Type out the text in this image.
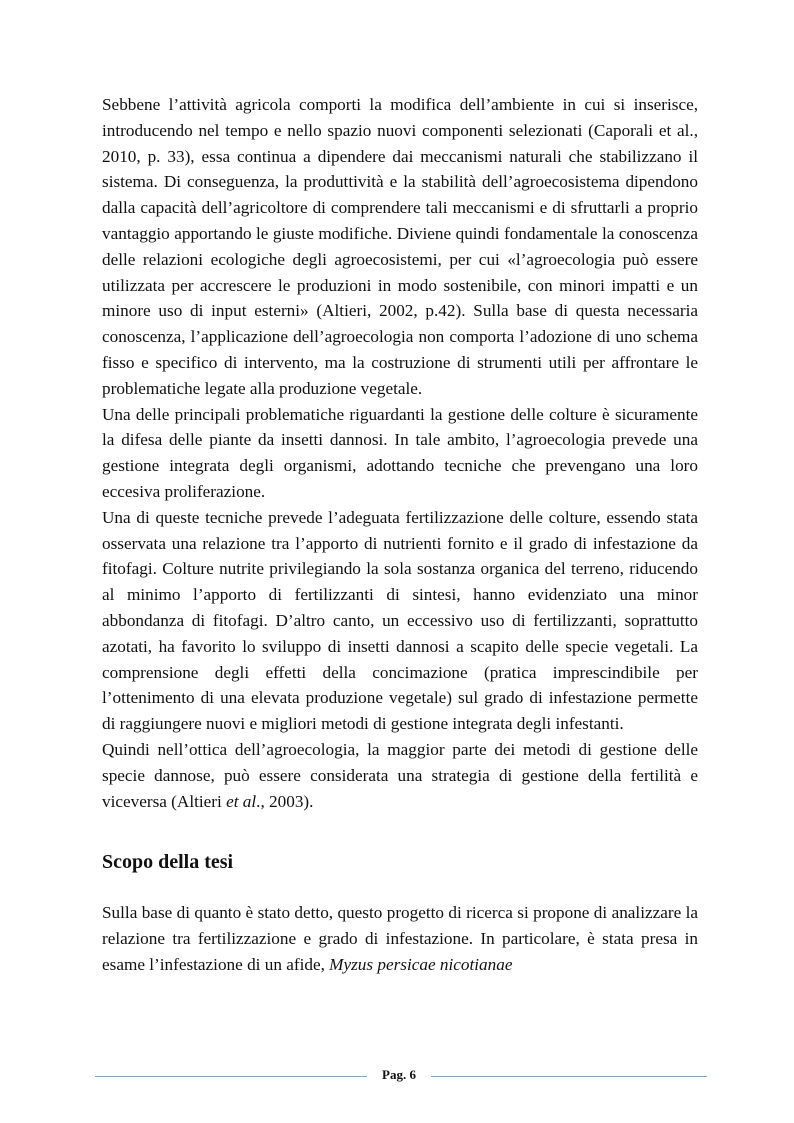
Sebbene l’attività agricola comporti la modifica dell’ambiente in cui si inserisce, introducendo nel tempo e nello spazio nuovi componenti selezionati (Caporali et al., 2010, p. 33), essa continua a dipendere dai meccanismi naturali che stabilizzano il sistema. Di conseguenza, la produttività e la stabilità dell’agroecosistema dipendono dalla capacità dell’agricoltore di comprendere tali meccanismi e di sfruttarli a proprio vantaggio apportando le giuste modifiche. Diviene quindi fondamentale la conoscenza delle relazioni ecologiche degli agroecosistemi, per cui «l’agroecologia può essere utilizzata per accrescere le produzioni in modo sostenibile, con minori impatti e un minore uso di input esterni» (Altieri, 2002, p.42). Sulla base di questa necessaria conoscenza, l’applicazione dell’agroecologia non comporta l’adozione di uno schema fisso e specifico di intervento, ma la costruzione di strumenti utili per affrontare le problematiche legate alla produzione vegetale.

Una delle principali problematiche riguardanti la gestione delle colture è sicuramente la difesa delle piante da insetti dannosi. In tale ambito, l’agroecologia prevede una gestione integrata degli organismi, adottando tecniche che prevengano una loro eccesiva proliferazione.

Una di queste tecniche prevede l’adeguata fertilizzazione delle colture, essendo stata osservata una relazione tra l’apporto di nutrienti fornito e il grado di infestazione da fitofagi. Colture nutrite privilegiando la sola sostanza organica del terreno, riducendo al minimo l’apporto di fertilizzanti di sintesi, hanno evidenziato una minor abbondanza di fitofagi. D’altro canto, un eccessivo uso di fertilizzanti, soprattutto azotati, ha favorito lo sviluppo di insetti dannosi a scapito delle specie vegetali. La comprensione degli effetti della concimazione (pratica imprescindibile per l’ottenimento di una elevata produzione vegetale) sul grado di infestazione permette di raggiungere nuovi e migliori metodi di gestione integrata degli infestanti.

Quindi nell’ottica dell’agroecologia, la maggior parte dei metodi di gestione delle specie dannose, può essere considerata una strategia di gestione della fertilità e viceversa (Altieri et al., 2003).

Scopo della tesi

Sulla base di quanto è stato detto, questo progetto di ricerca si propone di analizzare la relazione tra fertilizzazione e grado di infestazione. In particolare, è stata presa in esame l’infestazione di un afide, Myzus persicae nicotianae

Pag. 6
